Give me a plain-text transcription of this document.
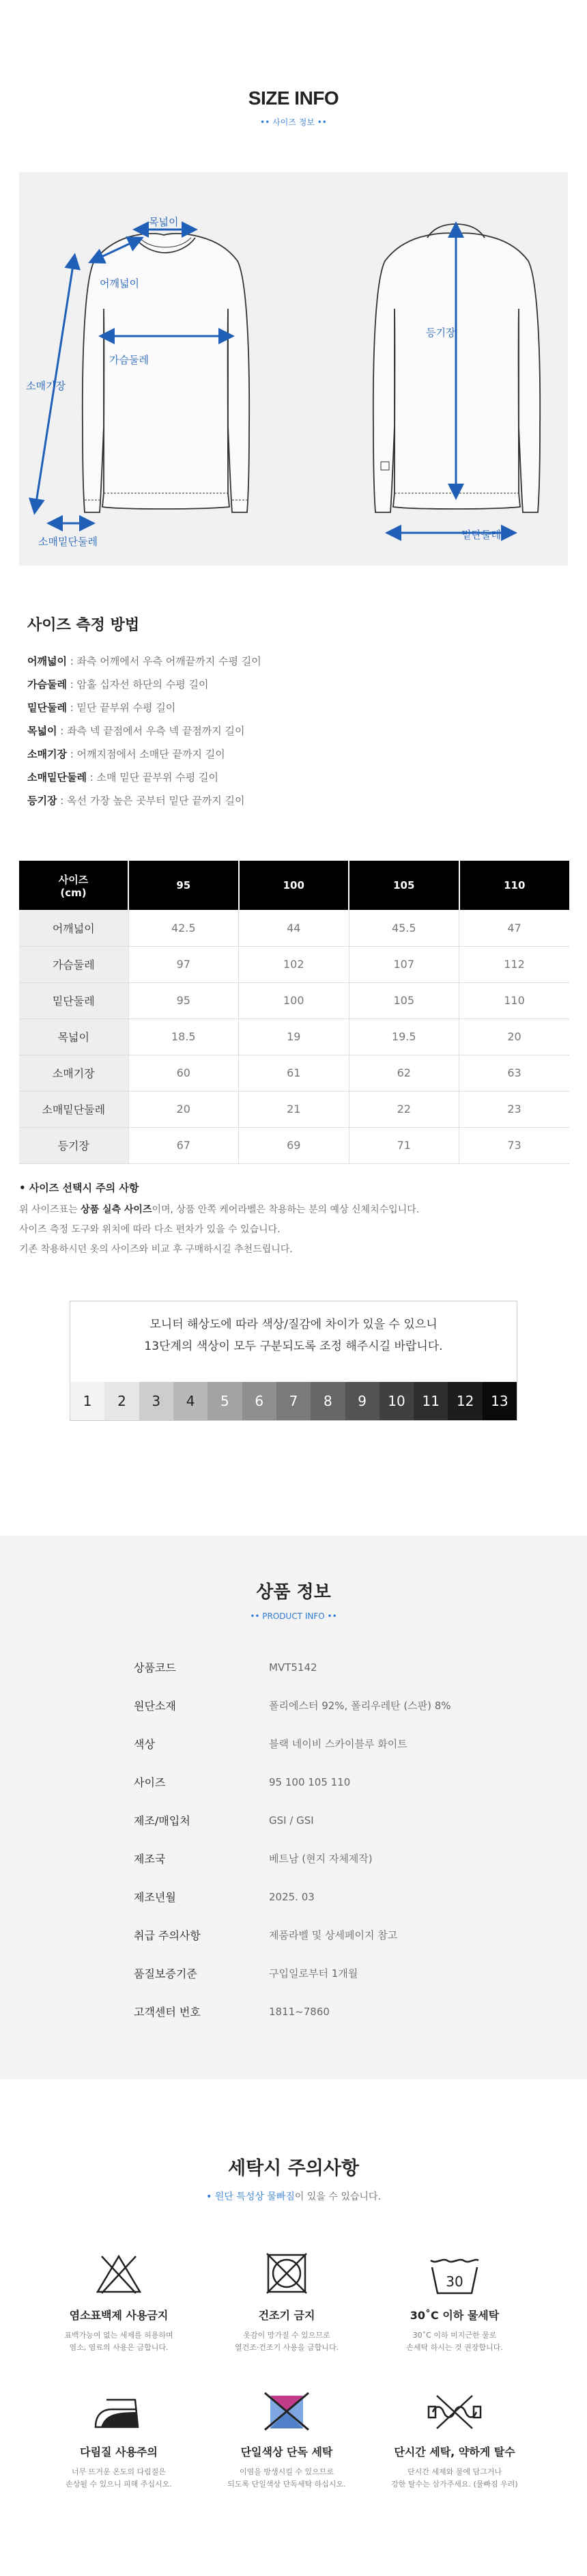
SIZE INFO
•• 사이즈 정보 ••
목넓이
어깨넓이
가슴둘레
소매기장
소매밑단둘레
등기장
밑단둘레
사이즈 측정 방법
어깨넓이 : 좌측 어깨에서 우측 어깨끝까지 수평 길이
가슴둘레 : 암홀 십자선 하단의 수평 길이
밑단둘레 : 밑단 끝부위 수평 길이
목넓이 : 좌측 넥 끝점에서 우측 넥 끝점까지 길이
소매기장 : 어깨지점에서 소매단 끝까지 길이
소매밑단둘레 : 소매 밑단 끝부위 수평 길이
등기장 : 옥선 가장 높은 곳부터 밑단 끝까지 길이
사이즈
(cm)	95	100	105	110
어깨넓이	42.5	44	45.5	47
가슴둘레	97	102	107	112
밑단둘레	95	100	105	110
목넓이	18.5	19	19.5	20
소매기장	60	61	62	63
소매밑단둘레	20	21	22	23
등기장	67	69	71	73
• 사이즈 선택시 주의 사항

위 사이즈표는 상품 실측 사이즈이며, 상품 안쪽 케어라벨은 착용하는 분의 예상 신체치수입니다.

사이즈 측정 도구와 위치에 따라 다소 편차가 있을 수 있습니다.

기존 착용하시던 옷의 사이즈와 비교 후 구매하시길 추천드립니다.

모니터 해상도에 따라 색상/질감에 차이가 있을 수 있으니
13단계의 색상이 모두 구분되도록 조정 해주시길 바랍니다.
1	2	3	4	5	6	7	8	9	10	11	12	13
상품 정보
•• PRODUCT INFO ••
상품코드	MVT5142
원단소재	폴리에스터 92%, 폴리우레탄 (스판) 8%
색상	블랙 네이비 스카이블루 화이트
사이즈	95 100 105 110
제조/매입처	GSI / GSI
제조국	베트남 (현지 자체제작)
제조년월	2025. 03
취급 주의사항	제품라벨 및 상세페이지 참고
품질보증기준	구입일로부터 1개월
고객센터 번호	1811~7860
세탁시 주의사항
• 원단 특성상 물빠짐이 있을 수 있습니다.
염소표백제 사용금지
표백가능여 없는 세제를 허용하며
염소, 염료의 사용은 금합니다.
건조기 금지
옷감이 망가질 수 있으므로
열건조·건조기 사용을 금합니다.
30
30˚C 이하 물세탁
30˚C 이하 미지근한 물로
손세탁 하시는 것 권장합니다.
다림질 사용주의
너무 뜨거운 온도의 다림질은
손상될 수 있으니 피해 주십시오.
단일색상 단독 세탁
이염을 방생시킬 수 있으므로
되도록 단일색상 단독세탁 하십시오.
단시간 세탁, 약하게 탈수
단시간 세제와 물에 담그거나
강한 탈수는 삼가주세요. (물빠짐 우려)
